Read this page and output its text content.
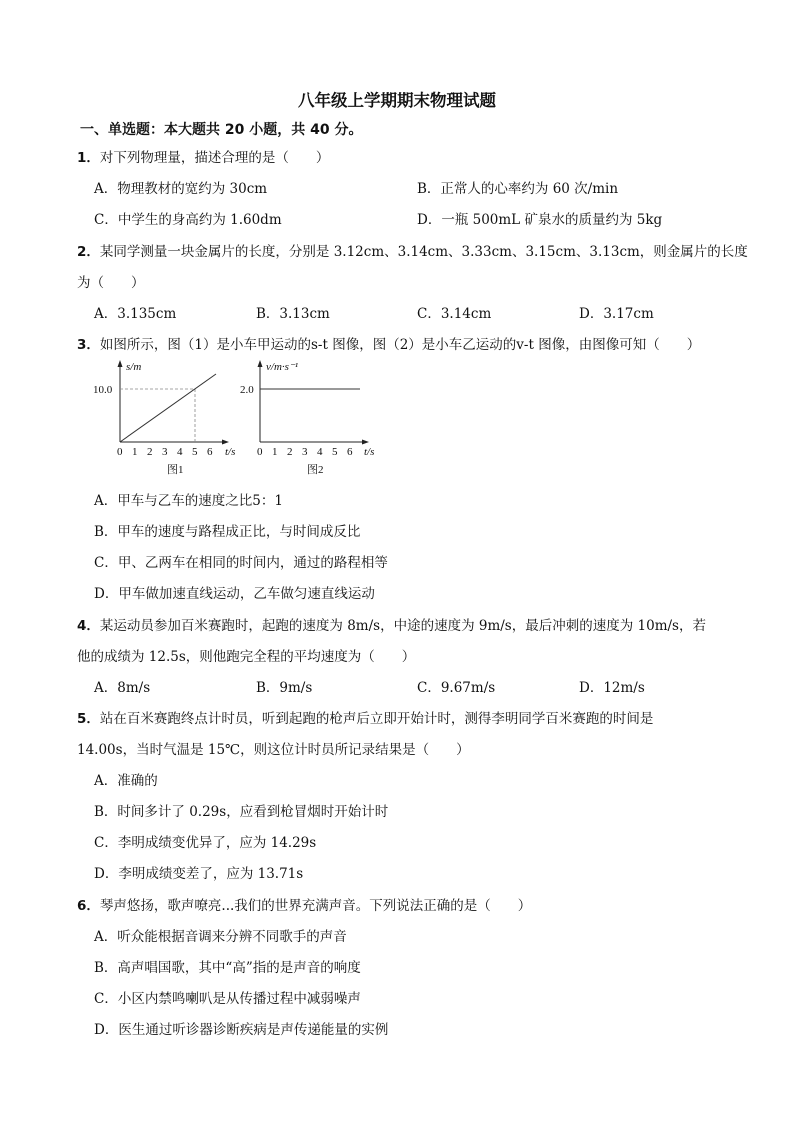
八年级上学期期末物理试题
一、单选题：本大题共 20 小题，共 40 分。
1．对下列物理量，描述合理的是（　　）
A．物理教材的宽约为 30cm	B．正常人的心率约为 60 次/min
C．中学生的身高约为 1.60dm	D．一瓶 500mL 矿泉水的质量约为 5kg
2．某同学测量一块金属片的长度，分别是 3.12cm、3.14cm、3.33cm、3.15cm、3.13cm，则金属片的长度
为（　　）
A．3.135cm	B．3.13cm	C．3.14cm	D．3.17cm
3．如图所示，图（1）是小车甲运动的s-t 图像，图（2）是小车乙运动的v-t 图像，由图像可知（　　）
s/m
10.0
0 1 2 3 4 5 6 t/s
图1
v/m·s⁻¹
2.0
0 1 2 3 4 5 6 t/s
图2
A．甲车与乙车的速度之比5：1
B．甲车的速度与路程成正比，与时间成反比
C．甲、乙两车在相同的时间内，通过的路程相等
D．甲车做加速直线运动，乙车做匀速直线运动
4．某运动员参加百米赛跑时，起跑的速度为 8m/s，中途的速度为 9m/s，最后冲刺的速度为 10m/s，若
他的成绩为 12.5s，则他跑完全程的平均速度为（　　）
A．8m/s	B．9m/s	C．9.67m/s	D．12m/s
5．站在百米赛跑终点计时员，听到起跑的枪声后立即开始计时，测得李明同学百米赛跑的时间是
14.00s，当时气温是 15℃，则这位计时员所记录结果是（　　）
A．准确的
B．时间多计了 0.29s，应看到枪冒烟时开始计时
C．李明成绩变优异了，应为 14.29s
D．李明成绩变差了，应为 13.71s
6．琴声悠扬，歌声嘹亮...我们的世界充满声音。下列说法正确的是（　　）
A．听众能根据音调来分辨不同歌手的声音
B．高声唱国歌，其中“高”指的是声音的响度
C．小区内禁鸣喇叭是从传播过程中减弱噪声
D．医生通过听诊器诊断疾病是声传递能量的实例
